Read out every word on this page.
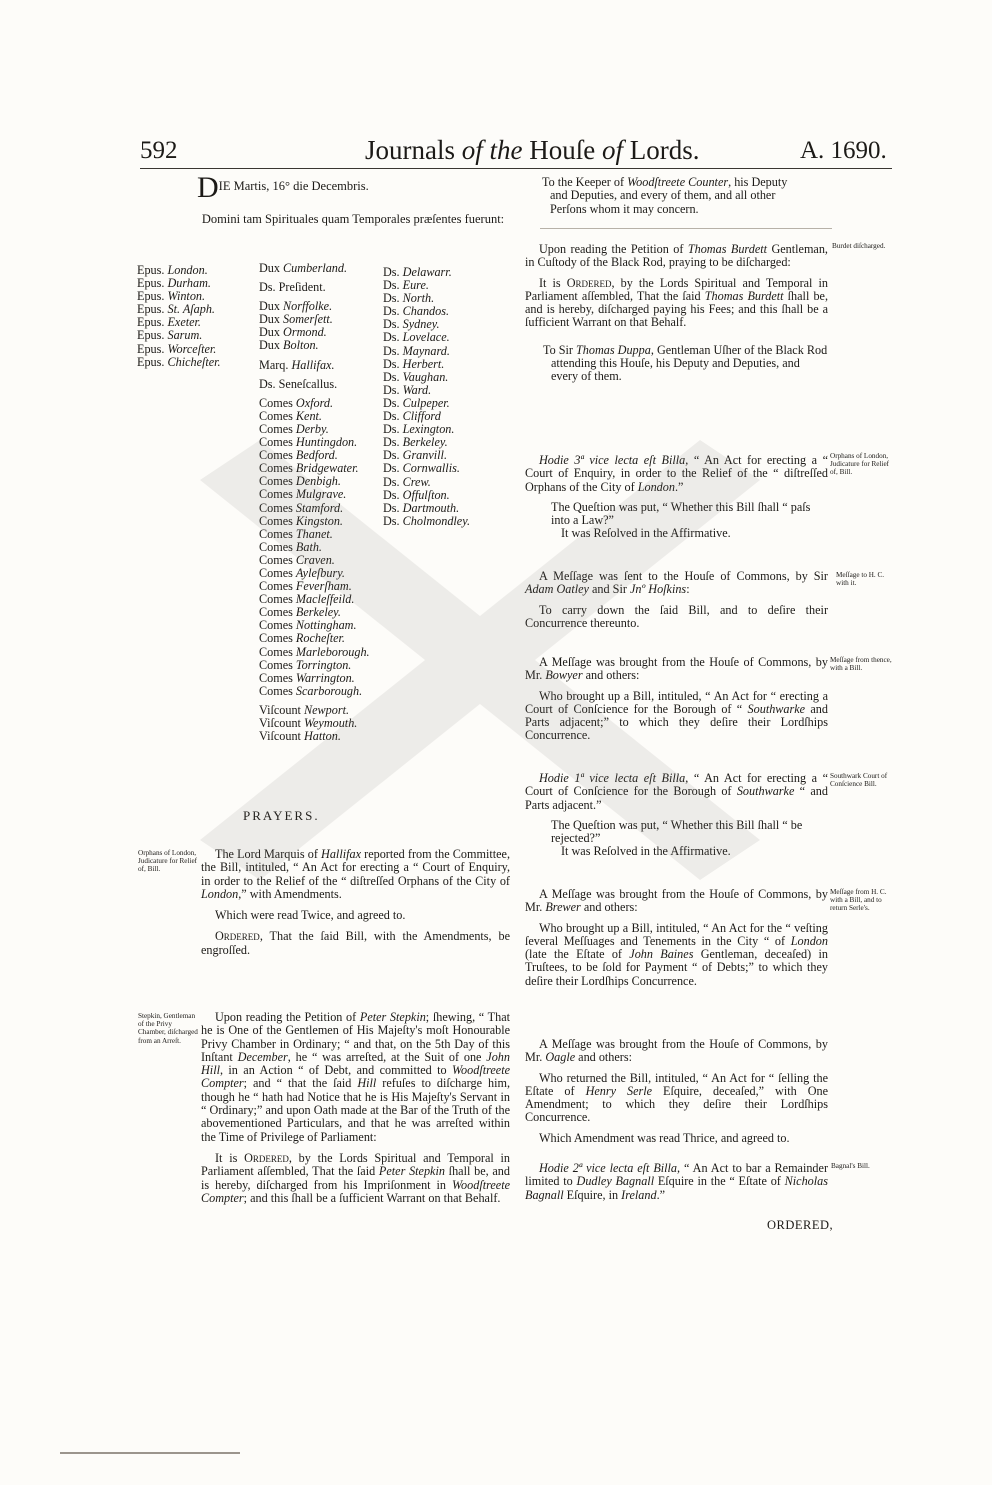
592	Journals of the Houſe of Lords.	A. 1690.
DIE Martis, 16° die Decembris.
Domini tam Spirituales quam Temporales præſentes fuerunt:
Epus. London.
Epus. Durham.
Epus. Winton.
Epus. St. Aſaph.
Epus. Exeter.
Epus. Sarum.
Epus. Worceſter.
Epus. Chicheſter.
Dux Cumberland.
Ds. Preſident.
Dux Norffolke.
Dux Somerſett.
Dux Ormond.
Dux Bolton.
Marq. Hallifax.
Ds. Seneſcallus.
Comes Oxford.
Comes Kent.
Comes Derby.
Comes Huntingdon.
Comes Bedford.
Comes Bridgewater.
Comes Denbigh.
Comes Mulgrave.
Comes Stamford.
Comes Kingston.
Comes Thanet.
Comes Bath.
Comes Craven.
Comes Ayleſbury.
Comes Feverſham.
Comes Macleſfeild.
Comes Berkeley.
Comes Nottingham.
Comes Rocheſter.
Comes Marleborough.
Comes Torrington.
Comes Warrington.
Comes Scarborough.
Viſcount Newport.
Viſcount Weymouth.
Viſcount Hatton.
Ds. Delawarr.
Ds. Eure.
Ds. North.
Ds. Chandos.
Ds. Sydney.
Ds. Lovelace.
Ds. Maynard.
Ds. Herbert.
Ds. Vaughan.
Ds. Ward.
Ds. Culpeper.
Ds. Clifford
Ds. Lexington.
Ds. Berkeley.
Ds. Granvill.
Ds. Cornwallis.
Ds. Crew.
Ds. Offulſton.
Ds. Dartmouth.
Ds. Cholmondley.
PRAYERS.
Orphans of London, Judicature for Relief of, Bill.

The Lord Marquis of Hallifax reported from the Committee, the Bill, intituled, “ An Act for erecting a “ Court of Enquiry, in order to the Relief of the “ diſtreſſed Orphans of the City of London,” with Amendments.

Which were read Twice, and agreed to.

Ordered, That the ſaid Bill, with the Amendments, be engroſſed.

Stepkin, Gentleman of the Privy Chamber, diſcharged from an Arreſt.

Upon reading the Petition of Peter Stepkin; ſhewing, “ That he is One of the Gentlemen of His Majeſty's moſt Honourable Privy Chamber in Ordinary; “ and that, on the 5th Day of this Inſtant December, he “ was arreſted, at the Suit of one John Hill, in an Action “ of Debt, and committed to Woodſtreete Compter; and “ that the ſaid Hill refuſes to diſcharge him, though he “ hath had Notice that he is His Majeſty's Servant in “ Ordinary;” and upon Oath made at the Bar of the Truth of the abovementioned Particulars, and that he was arreſted within the Time of Privilege of Parliament:

It is Ordered, by the Lords Spiritual and Temporal in Parliament aſſembled, That the ſaid Peter Stepkin ſhall be, and is hereby, diſcharged from his Impriſonment in Woodſtreete Compter; and this ſhall be a ſufficient Warrant on that Behalf.

To the Keeper of Woodſtreete Counter, his Deputy and Deputies, and every of them, and all other Perſons whom it may concern.

Upon reading the Petition of Thomas Burdett Gentleman, in Cuſtody of the Black Rod, praying to be diſcharged:

It is Ordered, by the Lords Spiritual and Temporal in Parliament aſſembled, That the ſaid Thomas Burdett ſhall be, and is hereby, diſcharged paying his Fees; and this ſhall be a ſufficient Warrant on that Behalf.

To Sir Thomas Duppa, Gentleman Uſher of the Black Rod attending this Houſe, his Deputy and Deputies, and every of them.

Burdet diſcharged.

Hodie 3ª vice lecta eſt Billa, “ An Act for erecting a “ Court of Enquiry, in order to the Relief of the “ diſtreſſed Orphans of the City of London.”

The Queſtion was put, “ Whether this Bill ſhall “ paſs into a Law?”

It was Reſolved in the Affirmative.

Orphans of London, Judicature for Relief of, Bill.

A Meſſage was ſent to the Houſe of Commons, by Sir Adam Oatley and Sir Jnº Hoſkins:

To carry down the ſaid Bill, and to deſire their Concurrence thereunto.

Meſſage to H. C. with it.

A Meſſage was brought from the Houſe of Commons, by Mr. Bowyer and others:

Who brought up a Bill, intituled, “ An Act for “ erecting a Court of Conſcience for the Borough of “ Southwarke and Parts adjacent;” to which they deſire their Lordſhips Concurrence.

Meſſage from thence, with a Bill.

Hodie 1ª vice lecta eſt Billa, “ An Act for erecting a “ Court of Conſcience for the Borough of Southwarke “ and Parts adjacent.”

The Queſtion was put, “ Whether this Bill ſhall “ be rejected?”

It was Reſolved in the Affirmative.

Southwark Court of Conſcience Bill.

A Meſſage was brought from the Houſe of Commons, by Mr. Brewer and others:

Who brought up a Bill, intituled, “ An Act for the “ veſting ſeveral Meſſuages and Tenements in the City “ of London (late the Eſtate of John Baines Gentleman, deceaſed) in Truſtees, to be ſold for Payment “ of Debts;” to which they deſire their Lordſhips Concurrence.

Meſſage from H. C. with a Bill, and to return Serle's.

A Meſſage was brought from the Houſe of Commons, by Mr. Oagle and others:

Who returned the Bill, intituled, “ An Act for “ ſelling the Eſtate of Henry Serle Eſquire, deceaſed,” with One Amendment; to which they deſire their Lordſhips Concurrence.

Which Amendment was read Thrice, and agreed to.

Hodie 2ª vice lecta eſt Billa, “ An Act to bar a Remainder limited to Dudley Bagnall Eſquire in the “ Eſtate of Nicholas Bagnall Eſquire, in Ireland.”

Bagnal's Bill.
ORDERED,
